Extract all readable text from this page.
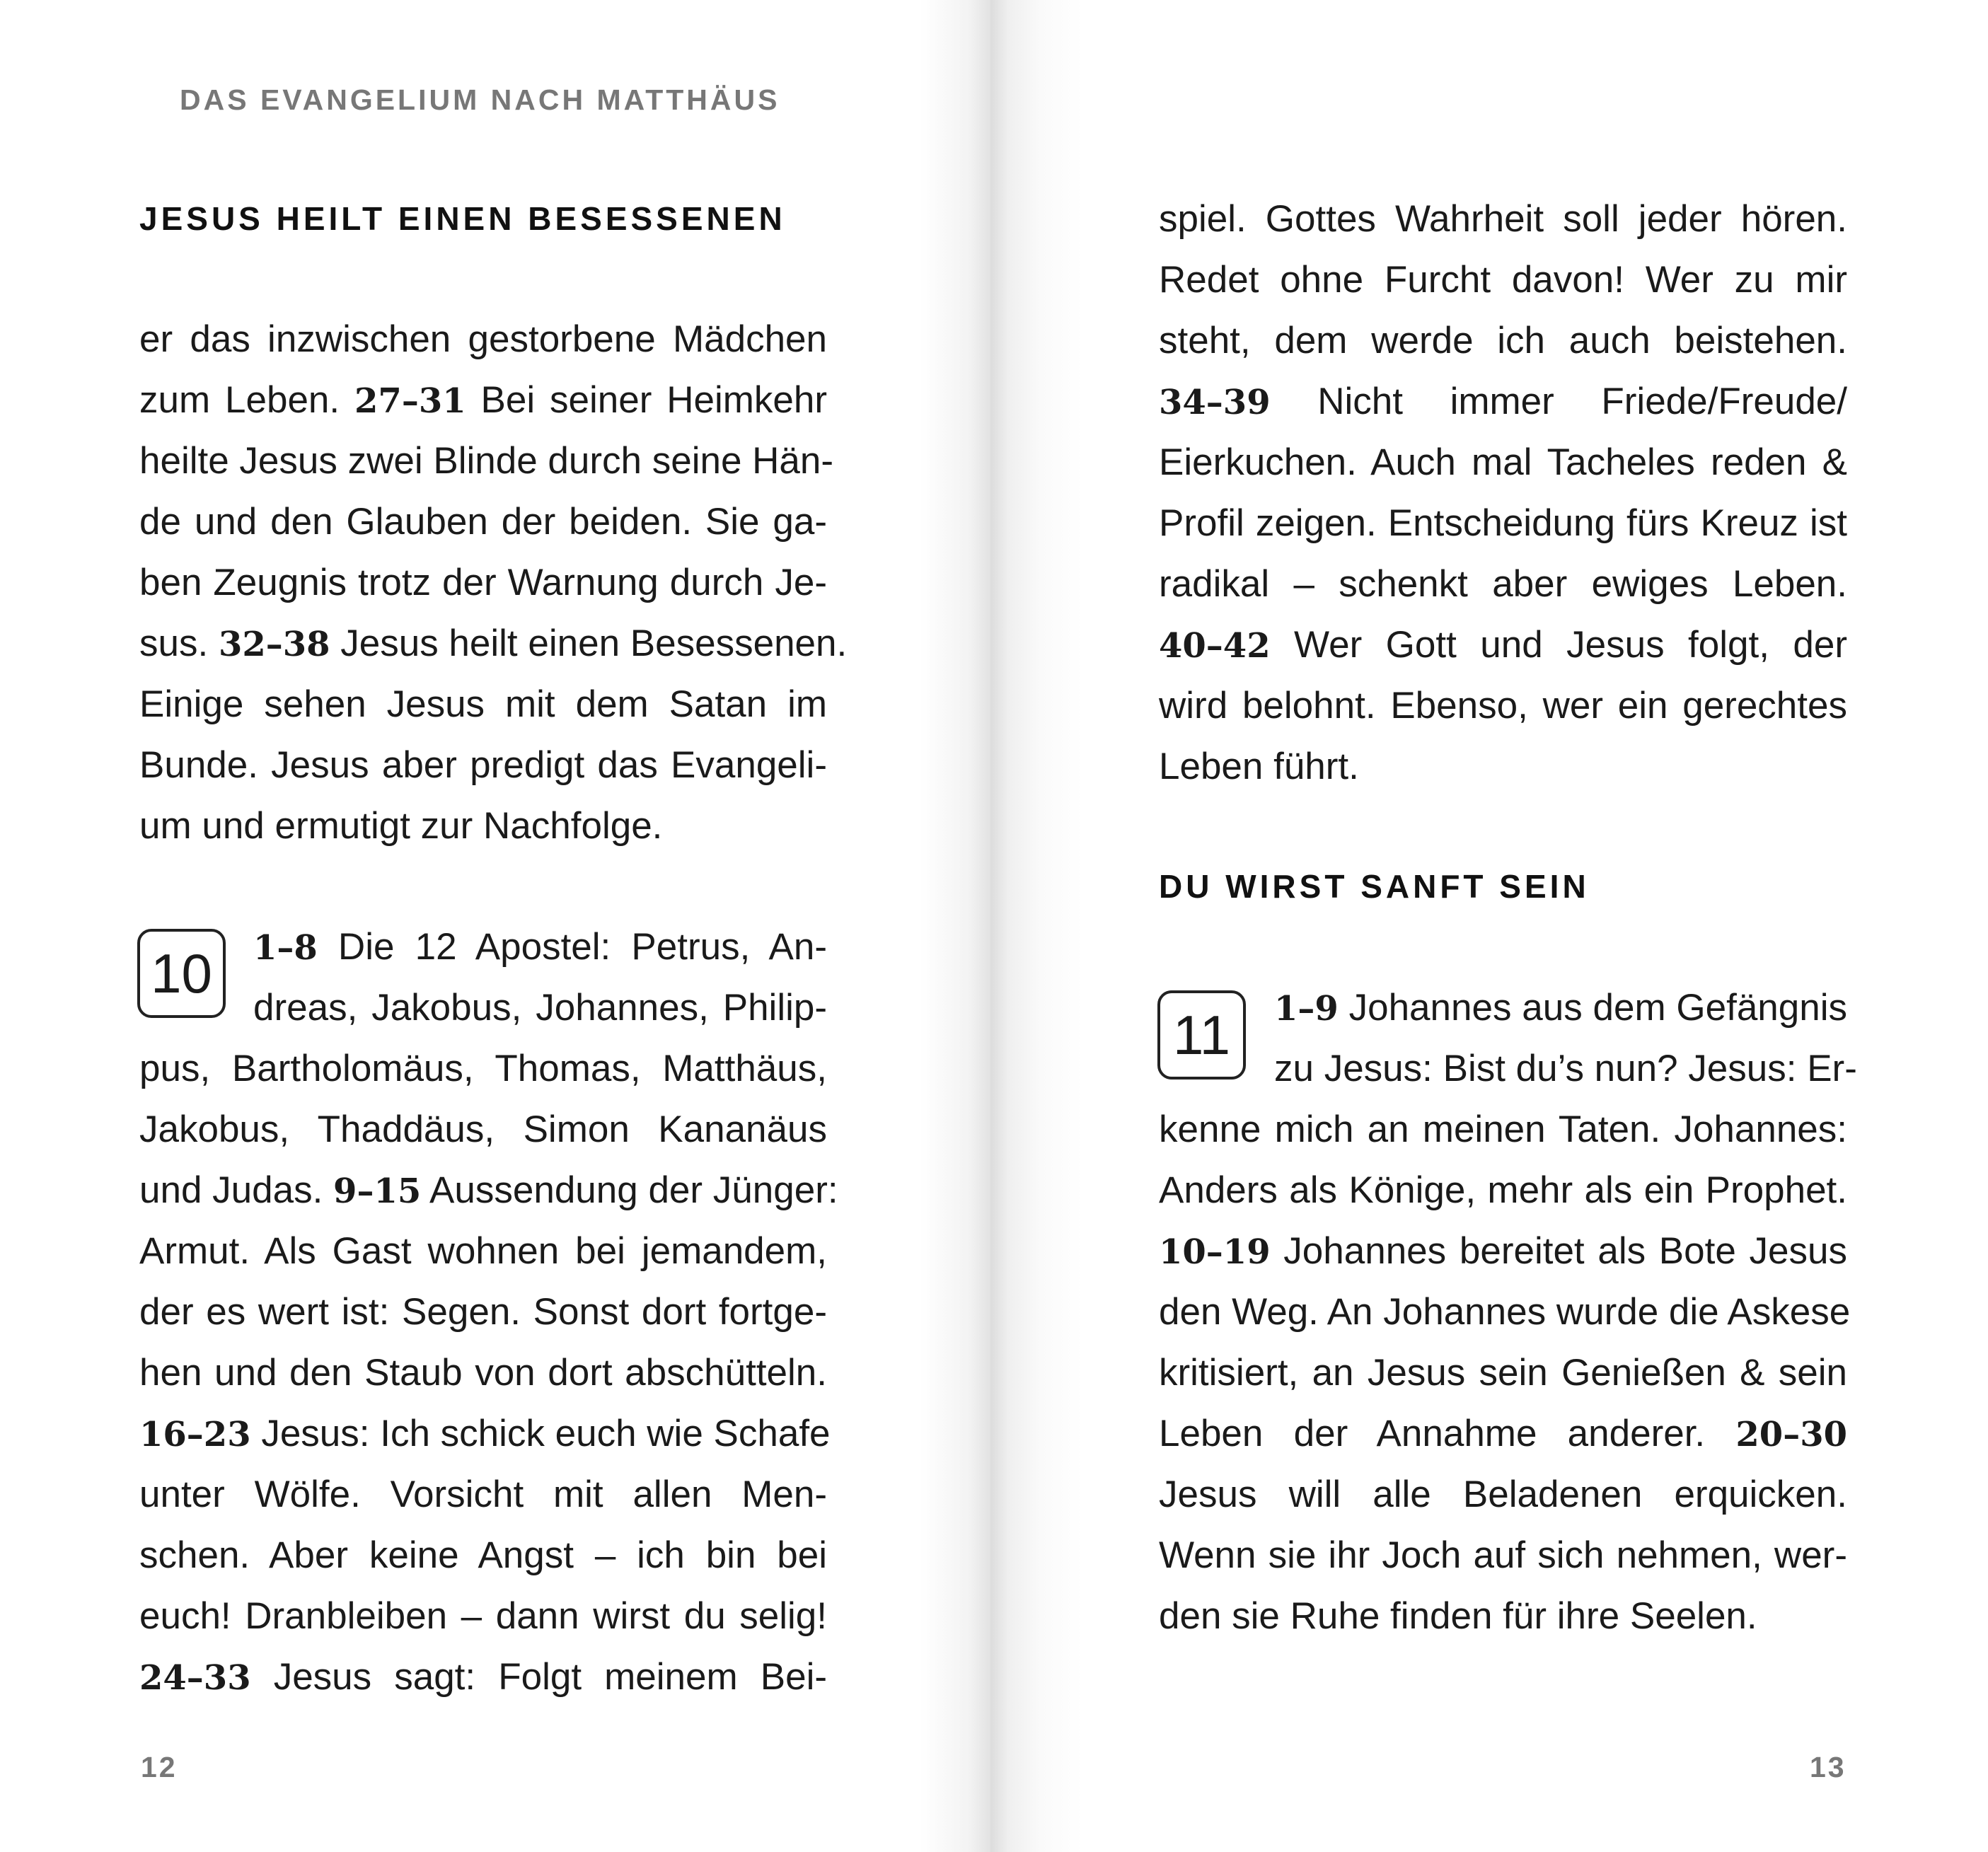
DAS EVANGELIUM NACH MATTHÄUS
JESUS HEILT EINEN BESESSENEN
er das inzwischen gestorbene Mädchen
zum Leben. 27–31 Bei seiner Heimkehr
heilte Jesus zwei Blinde durch seine Hän-
de und den Glauben der beiden. Sie ga-
ben Zeugnis trotz der Warnung durch Je-
sus. 32–38 Jesus heilt einen Besessenen.
Einige sehen Jesus mit dem Satan im
Bunde. Jesus aber predigt das Evangeli-
um und ermutigt zur Nachfolge.
10	1–8 Die 12 Apostel: Petrus, An-
dreas, Jakobus, Johannes, Philip-
pus, Bartholomäus, Thomas, Matthäus,
Jakobus, Thaddäus, Simon Kananäus
und Judas. 9–15 Aussendung der Jünger:
Armut. Als Gast wohnen bei jemandem,
der es wert ist: Segen. Sonst dort fortge-
hen und den Staub von dort abschütteln.
16–23 Jesus: Ich schick euch wie Schafe
unter Wölfe. Vorsicht mit allen Men-
schen. Aber keine Angst – ich bin bei
euch! Dranbleiben – dann wirst du selig!
24–33 Jesus sagt: Folgt meinem Bei-
12
spiel. Gottes Wahrheit soll jeder hören.
Redet ohne Furcht davon! Wer zu mir
steht, dem werde ich auch beistehen.
34–39 Nicht immer Friede/Freude/
Eierkuchen. Auch mal Tacheles reden &
Profil zeigen. Entscheidung fürs Kreuz ist
radikal – schenkt aber ewiges Leben.
40–42 Wer Gott und Jesus folgt, der
wird belohnt. Ebenso, wer ein gerechtes
Leben führt.
DU WIRST SANFT SEIN
11	1–9 Johannes aus dem Gefängnis
zu Jesus: Bist du’s nun? Jesus: Er-
kenne mich an meinen Taten. Johannes:
Anders als Könige, mehr als ein Prophet.
10–19 Johannes bereitet als Bote Jesus
den Weg. An Johannes wurde die Askese
kritisiert, an Jesus sein Genießen & sein
Leben der Annahme anderer. 20–30
Jesus will alle Beladenen erquicken.
Wenn sie ihr Joch auf sich nehmen, wer-
den sie Ruhe finden für ihre Seelen.
13
